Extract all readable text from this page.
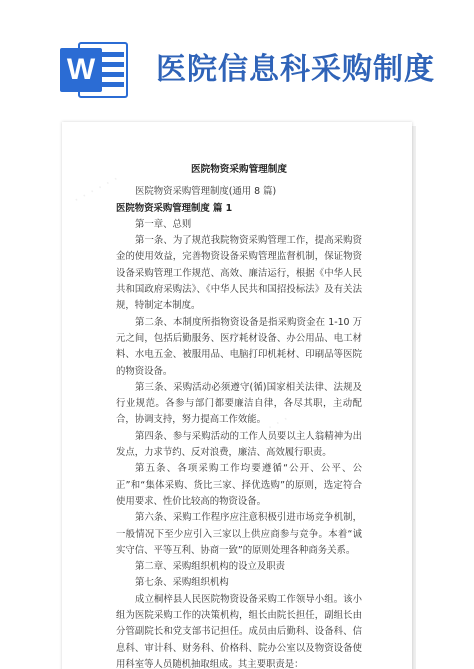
W 医院信息科采购制度
· · · · · ·
· · · · · ·
医院物资采购管理制度
医院物资采购管理制度(通用 8 篇)
医院物资采购管理制度 篇 1
第一章、总则
第一条、为了规范我院物资采购管理工作，提高采购资金的使用效益，完善物资设备采购管理监督机制，保证物资设备采购管理工作规范、高效、廉洁运行，根据《中华人民共和国政府采购法》、《中华人民共和国招投标法》及有关法规，特制定本制度。
第二条、本制度所指物资设备是指采购资金在 1-10 万元之间，包括后勤服务、医疗耗材设备、办公用品、电工材料、水电五金、被服用品、电脑打印机耗材、印刷品等医院的物资设备。
第三条、采购活动必须遵守(循)国家相关法律、法规及行业规范。各参与部门都要廉洁自律，各尽其职，主动配合，协调支持，努力提高工作效能。
第四条、参与采购活动的工作人员要以主人翁精神为出发点，力求节约、反对浪费，廉洁、高效履行职责。
第五条、各项采购工作均要遵循“公开、公平、公正”和“集体采购、货比三家、择优选购”的原则，选定符合使用要求、性价比较高的物资设备。
第六条、采购工作程序应注意积极引进市场竞争机制，一般情况下至少应引入三家以上供应商参与竞争。本着“诚实守信、平等互利、协商一致”的原则处理各种商务关系。
第二章、采购组织机构的设立及职责
第七条、采购组织机构
成立桐梓县人民医院物资设备采购工作领导小组。该小组为医院采购工作的决策机构，组长由院长担任，副组长由分管副院长和党支部书记担任。成员由后勤科、设备科、信息科、审计科、财务科、价格科、院办公室以及物资设备使用科室等人员随机抽取组成。其主要职责是：
